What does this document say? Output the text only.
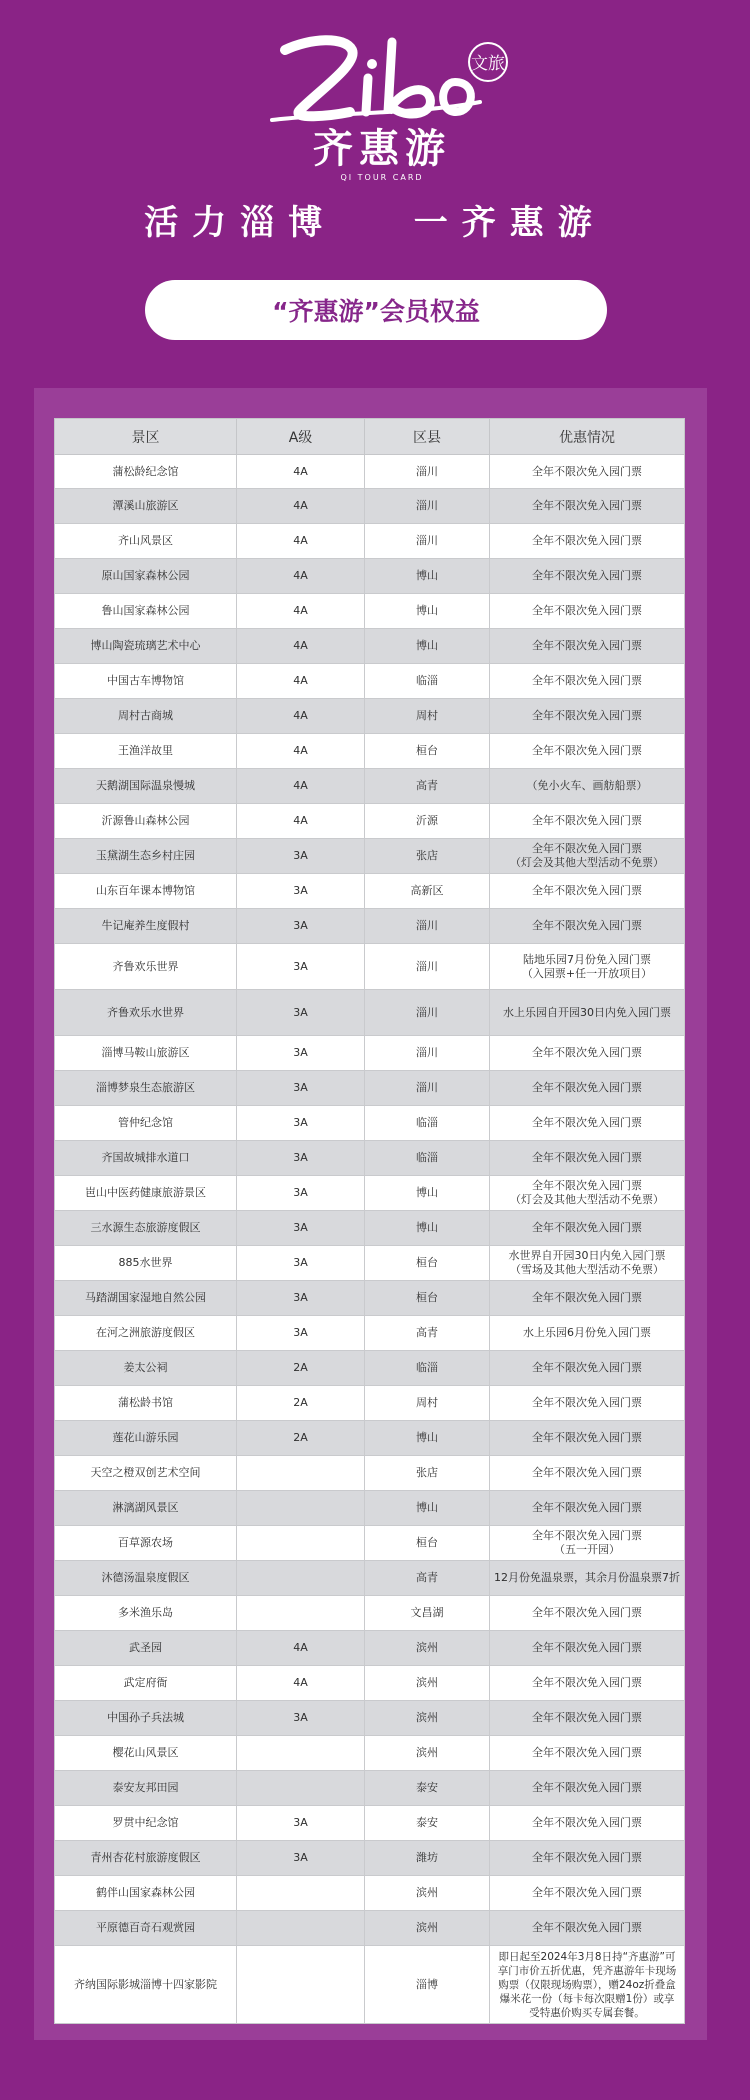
文旅
齐惠游
QI TOUR CARD
活力淄博 一齐惠游
“齐惠游”会员权益
景区	A级	区县	优惠情况
蒲松龄纪念馆	4A	淄川	全年不限次免入园门票
潭溪山旅游区	4A	淄川	全年不限次免入园门票
齐山风景区	4A	淄川	全年不限次免入园门票
原山国家森林公园	4A	博山	全年不限次免入园门票
鲁山国家森林公园	4A	博山	全年不限次免入园门票
博山陶瓷琉璃艺术中心	4A	博山	全年不限次免入园门票
中国古车博物馆	4A	临淄	全年不限次免入园门票
周村古商城	4A	周村	全年不限次免入园门票
王渔洋故里	4A	桓台	全年不限次免入园门票
天鹅湖国际温泉慢城	4A	高青	（免小火车、画舫船票）
沂源鲁山森林公园	4A	沂源	全年不限次免入园门票
玉黛湖生态乡村庄园	3A	张店	全年不限次免入园门票
（灯会及其他大型活动不免票）
山东百年课本博物馆	3A	高新区	全年不限次免入园门票
牛记庵养生度假村	3A	淄川	全年不限次免入园门票
齐鲁欢乐世界	3A	淄川	陆地乐园7月份免入园门票
（入园票+任一开放项目）
齐鲁欢乐水世界	3A	淄川	水上乐园自开园30日内免入园门票
淄博马鞍山旅游区	3A	淄川	全年不限次免入园门票
淄博梦泉生态旅游区	3A	淄川	全年不限次免入园门票
管仲纪念馆	3A	临淄	全年不限次免入园门票
齐国故城排水道口	3A	临淄	全年不限次免入园门票
岜山中医药健康旅游景区	3A	博山	全年不限次免入园门票
（灯会及其他大型活动不免票）
三水源生态旅游度假区	3A	博山	全年不限次免入园门票
885水世界	3A	桓台	水世界自开园30日内免入园门票
（雪场及其他大型活动不免票）
马踏湖国家湿地自然公园	3A	桓台	全年不限次免入园门票
在河之洲旅游度假区	3A	高青	水上乐园6月份免入园门票
姜太公祠	2A	临淄	全年不限次免入园门票
蒲松龄书馆	2A	周村	全年不限次免入园门票
莲花山游乐园	2A	博山	全年不限次免入园门票
天空之橙双创艺术空间		张店	全年不限次免入园门票
淋漓湖风景区		博山	全年不限次免入园门票
百草源农场		桓台	全年不限次免入园门票
（五一开园）
沐德汤温泉度假区		高青	12月份免温泉票，其余月份温泉票7折
多米渔乐岛		文昌湖	全年不限次免入园门票
武圣园	4A	滨州	全年不限次免入园门票
武定府衙	4A	滨州	全年不限次免入园门票
中国孙子兵法城	3A	滨州	全年不限次免入园门票
樱花山风景区		滨州	全年不限次免入园门票
泰安友邦田园		泰安	全年不限次免入园门票
罗贯中纪念馆	3A	泰安	全年不限次免入园门票
青州杏花村旅游度假区	3A	潍坊	全年不限次免入园门票
鹤伴山国家森林公园		滨州	全年不限次免入园门票
平原德百奇石观赏园		滨州	全年不限次免入园门票
齐纳国际影城淄博十四家影院		淄博	即日起至2024年3月8日持“齐惠游”可享门市价五折优惠，凭齐惠游年卡现场购票（仅限现场购票），赠24oz折叠盒爆米花一份（每卡每次限赠1份）或享受特惠价购买专属套餐。
